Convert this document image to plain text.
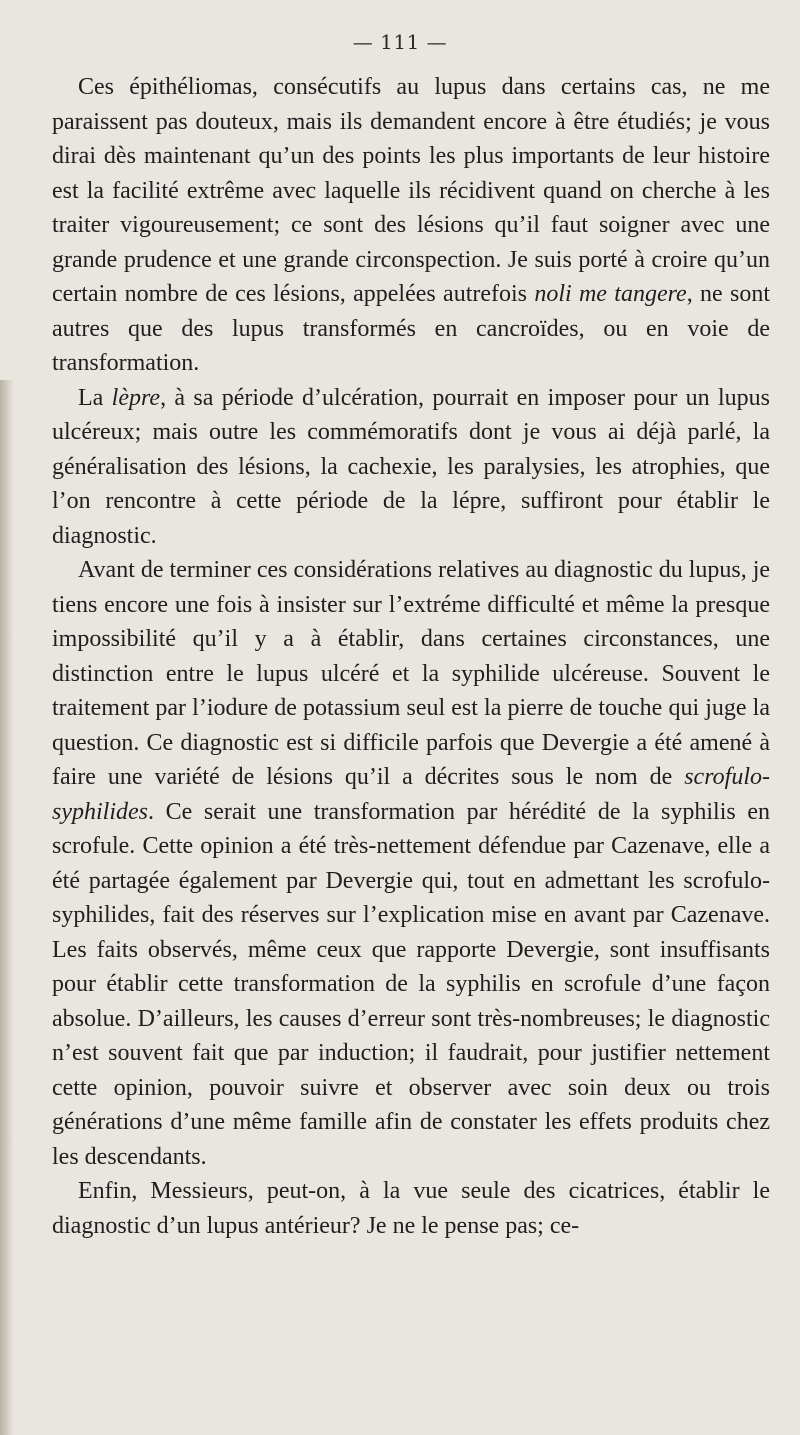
— 111 —

Ces épithéliomas, consécutifs au lupus dans certains cas, ne me paraissent pas douteux, mais ils demandent encore à être étudiés; je vous dirai dès maintenant qu’un des points les plus importants de leur histoire est la facilité extrême avec laquelle ils récidivent quand on cherche à les traiter vigoureusement; ce sont des lésions qu’il faut soigner avec une grande prudence et une grande circonspection. Je suis porté à croire qu’un certain nombre de ces lésions, appelées autrefois noli me tangere, ne sont autres que des lupus transformés en cancroïdes, ou en voie de transformation.

La lèpre, à sa période d’ulcération, pourrait en imposer pour un lupus ulcéreux; mais outre les commémoratifs dont je vous ai déjà parlé, la généralisation des lésions, la cachexie, les paralysies, les atrophies, que l’on rencontre à cette période de la lépre, suffiront pour établir le diagnostic.

Avant de terminer ces considérations relatives au diagnostic du lupus, je tiens encore une fois à insister sur l’extréme difficulté et même la presque impossibilité qu’il y a à établir, dans certaines circonstances, une distinction entre le lupus ulcéré et la syphilide ulcéreuse. Souvent le traitement par l’iodure de potassium seul est la pierre de touche qui juge la question. Ce diagnostic est si difficile parfois que Devergie a été amené à faire une variété de lésions qu’il a décrites sous le nom de scrofulo-syphilides. Ce serait une transformation par hérédité de la syphilis en scrofule. Cette opinion a été très-nettement défendue par Cazenave, elle a été partagée également par Devergie qui, tout en admettant les scrofulo-syphilides, fait des réserves sur l’explication mise en avant par Cazenave. Les faits observés, même ceux que rapporte Devergie, sont insuffisants pour établir cette transformation de la syphilis en scrofule d’une façon absolue. D’ailleurs, les causes d’erreur sont très-nombreuses; le diagnostic n’est souvent fait que par induction; il faudrait, pour justifier nettement cette opinion, pouvoir suivre et observer avec soin deux ou trois générations d’une même famille afin de constater les effets produits chez les descendants.

Enfin, Messieurs, peut-on, à la vue seule des cicatrices, établir le diagnostic d’un lupus antérieur? Je ne le pense pas; ce-
